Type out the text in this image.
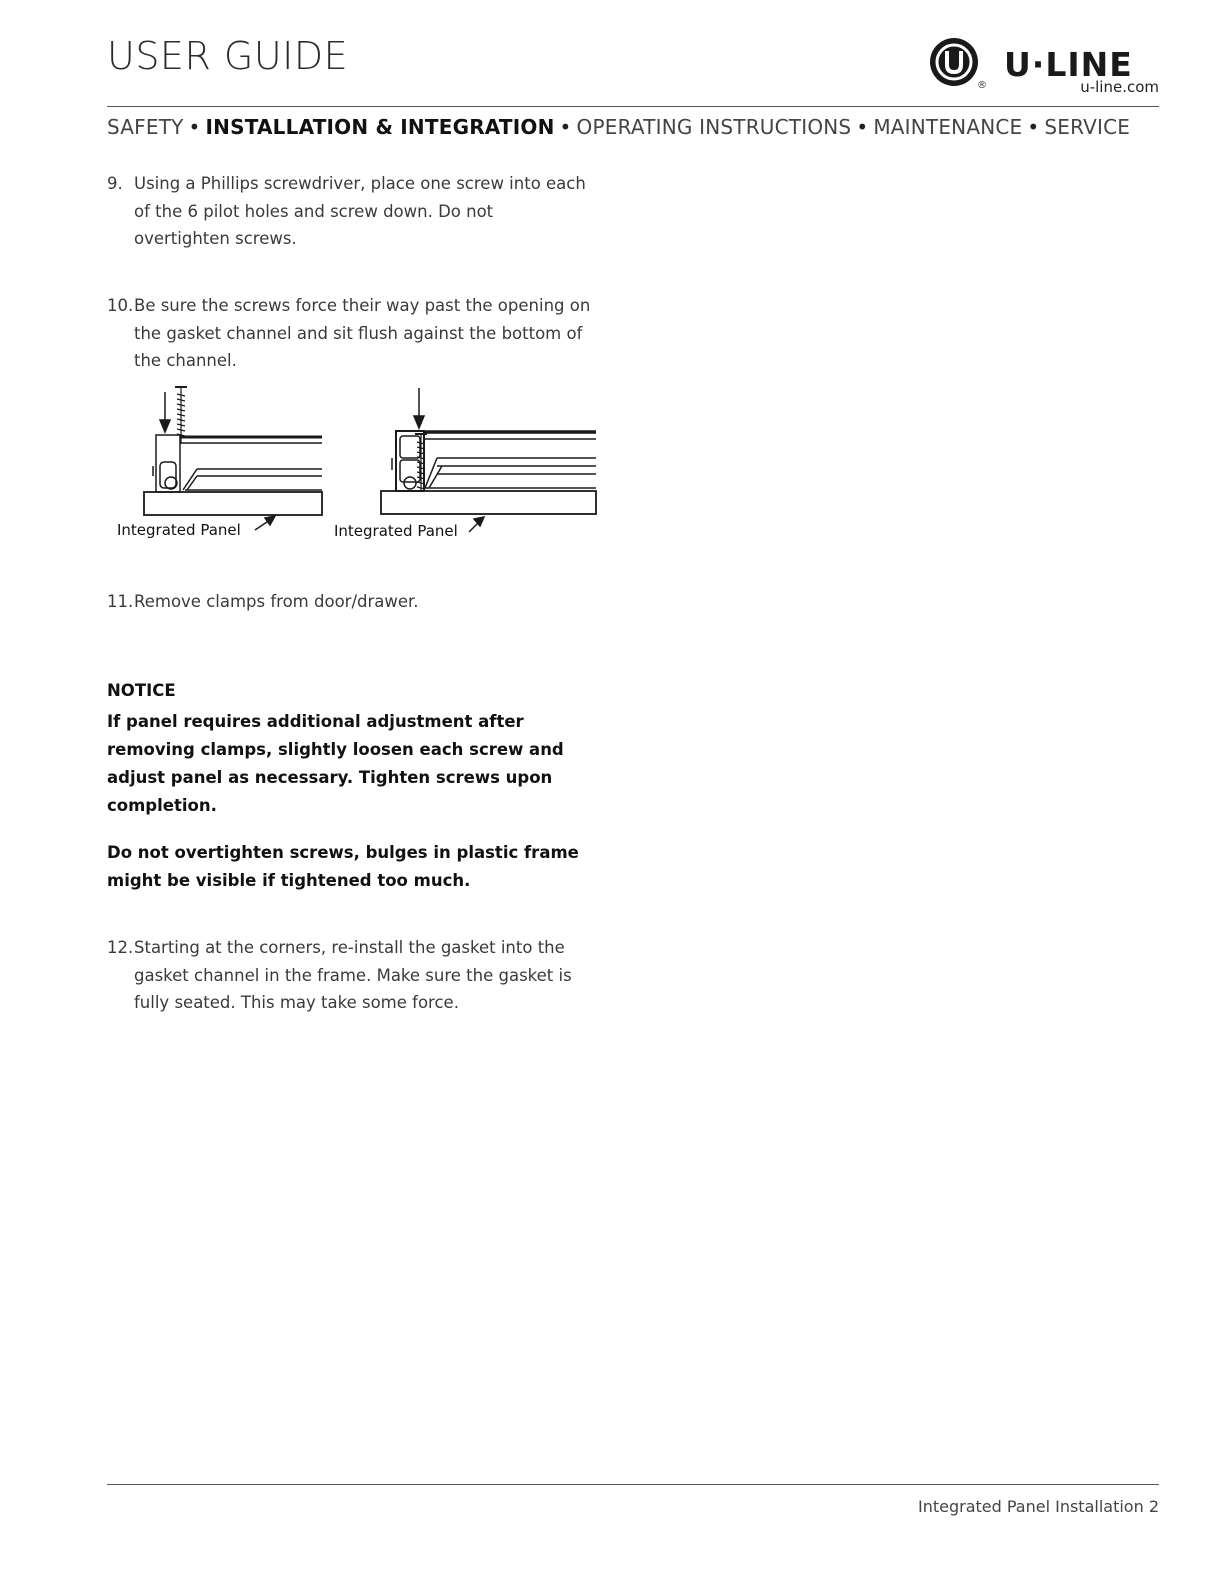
USER GUIDE
®
U·LINE
u-line.com
SAFETY • INSTALLATION & INTEGRATION • OPERATING INSTRUCTIONS • MAINTENANCE • SERVICE
9. Using a Phillips screwdriver, place one screw into each of the 6 pilot holes and screw down. Do not overtighten screws.
10. Be sure the screws force their way past the opening on the gasket channel and sit flush against the bottom of the channel.
Integrated Panel	Integrated Panel
11. Remove clamps from door/drawer.
NOTICE
If panel requires additional adjustment after removing clamps, slightly loosen each screw and adjust panel as necessary. Tighten screws upon completion.
Do not overtighten screws, bulges in plastic frame might be visible if tightened too much.
12. Starting at the corners, re-install the gasket into the gasket channel in the frame. Make sure the gasket is fully seated. This may take some force.
Integrated Panel Installation 2
